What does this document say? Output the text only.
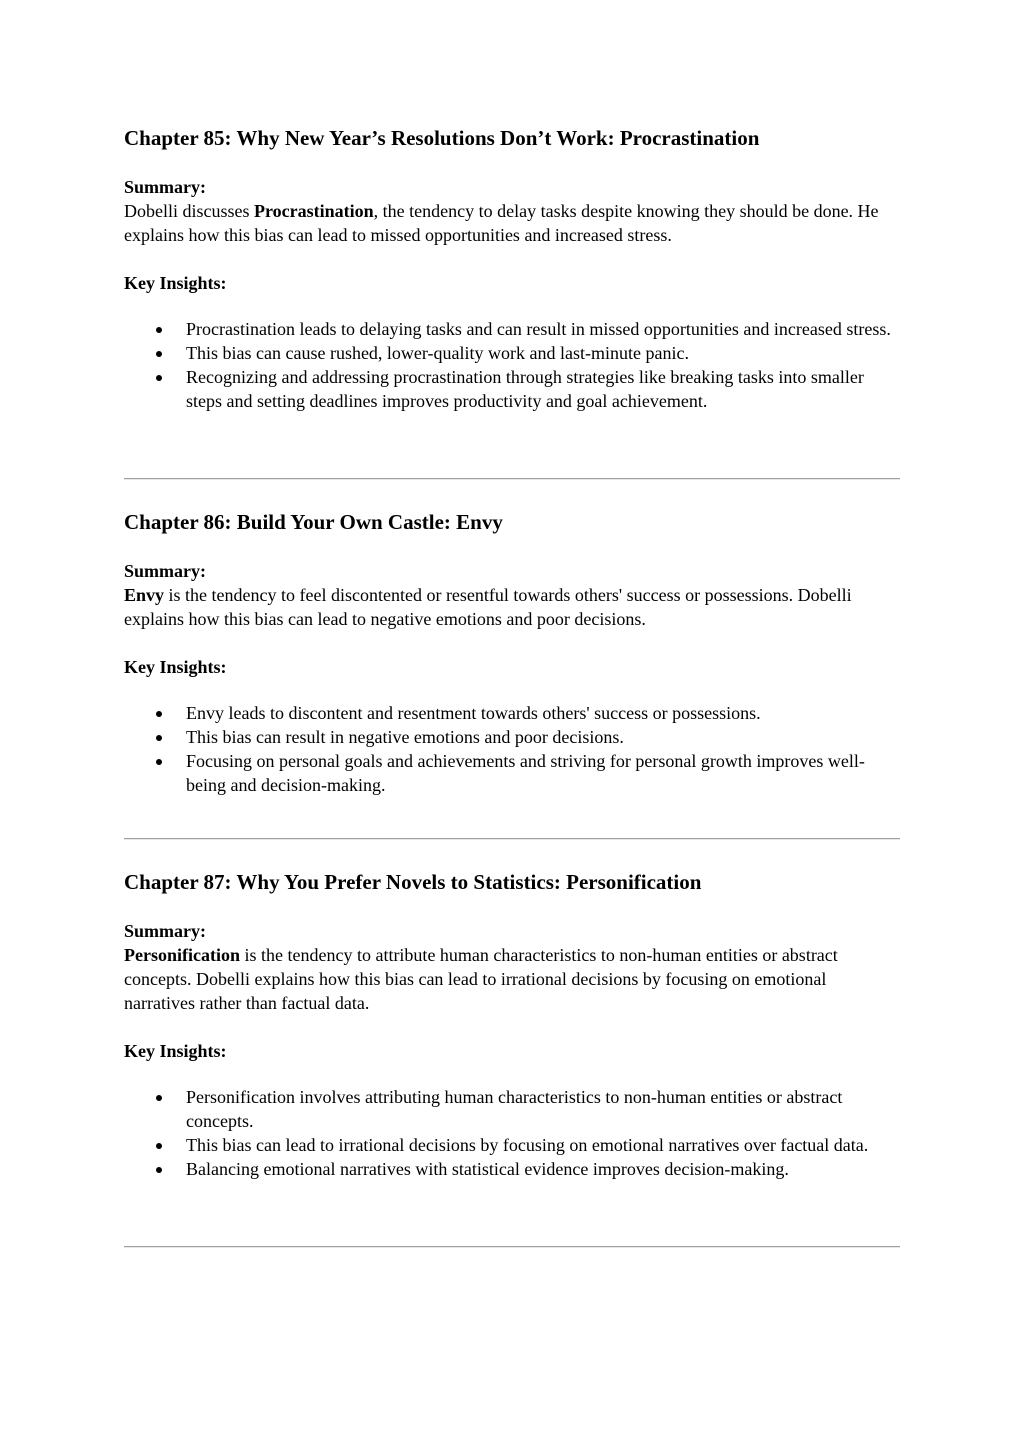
Chapter 85: Why New Year’s Resolutions Don’t Work: Procrastination

Summary:

Dobelli discusses Procrastination, the tendency to delay tasks despite knowing they should be done. He explains how this bias can lead to missed opportunities and increased stress.

Key Insights:

Procrastination leads to delaying tasks and can result in missed opportunities and increased stress.
This bias can cause rushed, lower-quality work and last-minute panic.
Recognizing and addressing procrastination through strategies like breaking tasks into smaller steps and setting deadlines improves productivity and goal achievement.
Chapter 86: Build Your Own Castle: Envy

Summary:

Envy is the tendency to feel discontented or resentful towards others' success or possessions. Dobelli explains how this bias can lead to negative emotions and poor decisions.

Key Insights:

Envy leads to discontent and resentment towards others' success or possessions.
This bias can result in negative emotions and poor decisions.
Focusing on personal goals and achievements and striving for personal growth improves well-being and decision-making.
Chapter 87: Why You Prefer Novels to Statistics: Personification

Summary:

Personification is the tendency to attribute human characteristics to non-human entities or abstract concepts. Dobelli explains how this bias can lead to irrational decisions by focusing on emotional narratives rather than factual data.

Key Insights:

Personification involves attributing human characteristics to non-human entities or abstract concepts.
This bias can lead to irrational decisions by focusing on emotional narratives over factual data.
Balancing emotional narratives with statistical evidence improves decision-making.
